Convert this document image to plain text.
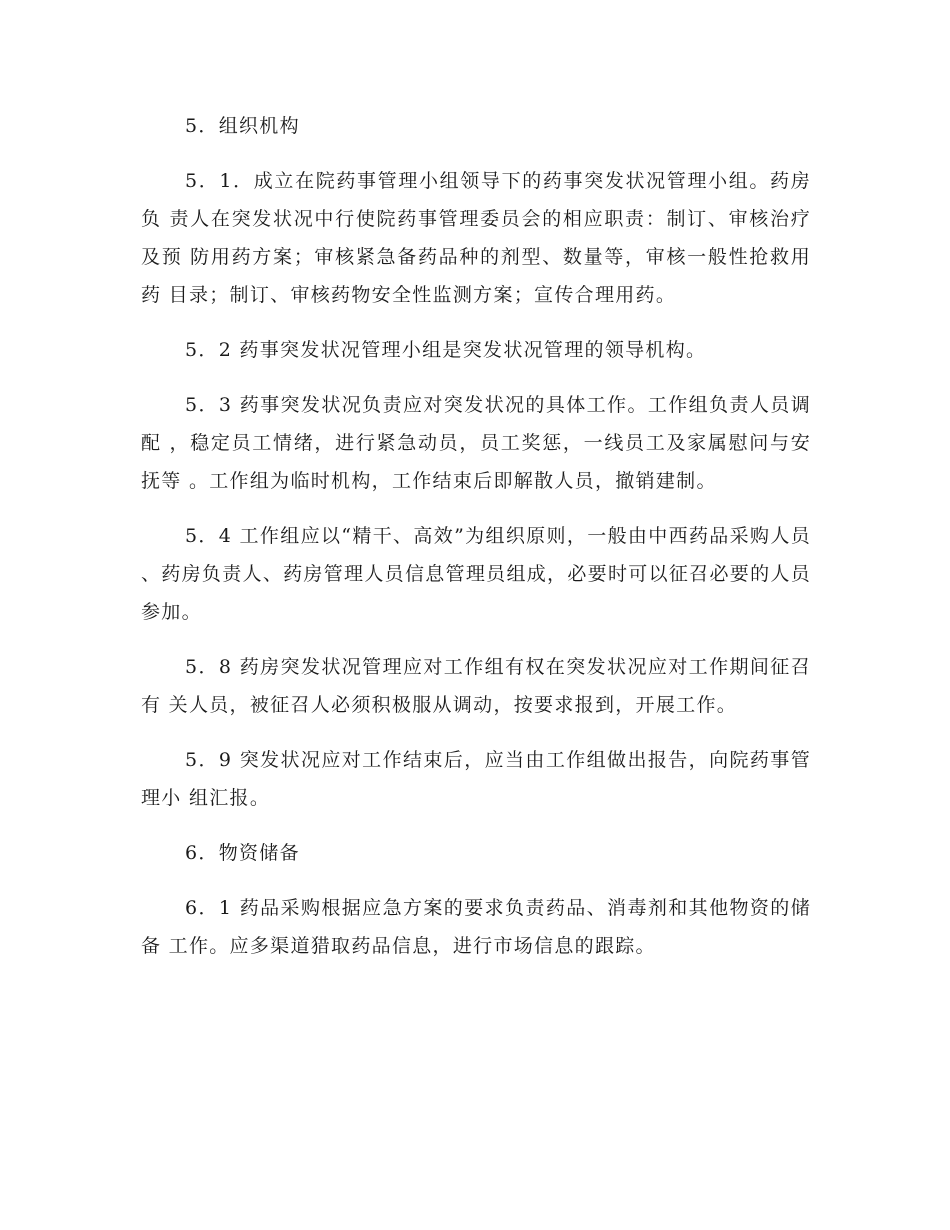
5．组织机构

5．1．成立在院药事管理小组领导下的药事突发状况管理小组。药房负 责人在突发状况中行使院药事管理委员会的相应职责：制订、审核治疗及预 防用药方案；审核紧急备药品种的剂型、数量等，审核一般性抢救用药 目录；制订、审核药物安全性监测方案；宣传合理用药。

5．2 药事突发状况管理小组是突发状况管理的领导机构。

5．3 药事突发状况负责应对突发状况的具体工作。工作组负责人员调配 ，稳定员工情绪，进行紧急动员，员工奖惩，一线员工及家属慰问与安抚等 。工作组为临时机构，工作结束后即解散人员，撤销建制。

5．4 工作组应以“精干、高效”为组织原则，一般由中西药品采购人员 、药房负责人、药房管理人员信息管理员组成，必要时可以征召必要的人员 参加。

5．8 药房突发状况管理应对工作组有权在突发状况应对工作期间征召有 关人员，被征召人必须积极服从调动，按要求报到，开展工作。

5．9 突发状况应对工作结束后，应当由工作组做出报告，向院药事管理小 组汇报。

6．物资储备

6．1 药品采购根据应急方案的要求负责药品、消毒剂和其他物资的储备 工作。应多渠道猎取药品信息，进行市场信息的跟踪。
